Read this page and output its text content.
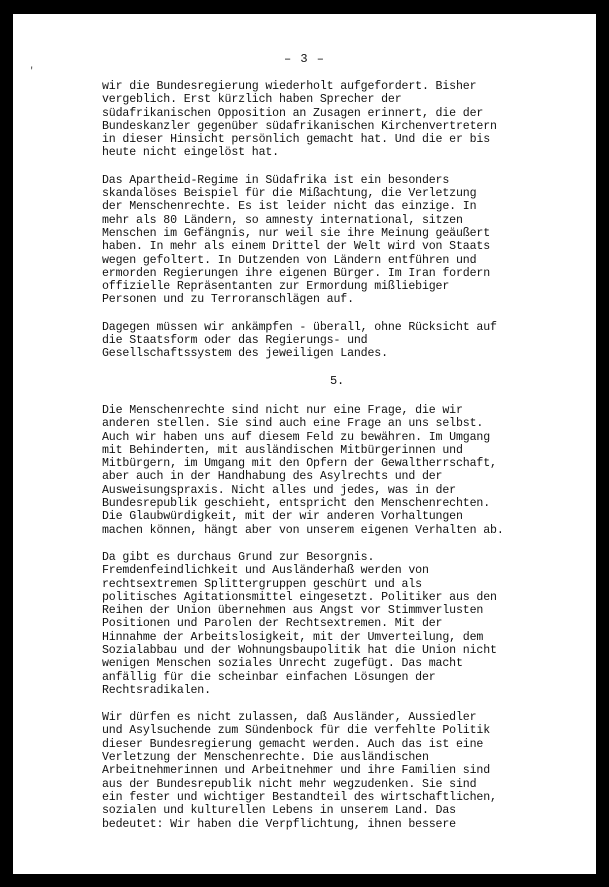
– 3 –
'
wir die Bundesregierung wiederholt aufgefordert. Bisher
vergeblich. Erst kürzlich haben Sprecher der
südafrikanischen Opposition an Zusagen erinnert, die der
Bundeskanzler gegenüber südafrikanischen Kirchenvertretern
in dieser Hinsicht persönlich gemacht hat. Und die er bis
heute nicht eingelöst hat.
Das Apartheid-Regime in Südafrika ist ein besonders
skandalöses Beispiel für die Mißachtung, die Verletzung
der Menschenrechte. Es ist leider nicht das einzige. In
mehr als 80 Ländern, so amnesty international, sitzen
Menschen im Gefängnis, nur weil sie ihre Meinung geäußert
haben. In mehr als einem Drittel der Welt wird von Staats
wegen gefoltert. In Dutzenden von Ländern entführen und
ermorden Regierungen ihre eigenen Bürger. Im Iran fordern
offizielle Repräsentanten zur Ermordung mißliebiger
Personen und zu Terroranschlägen auf.
Dagegen müssen wir ankämpfen - überall, ohne Rücksicht auf
die Staatsform oder das Regierungs- und
Gesellschaftssystem des jeweiligen Landes.
5.
Die Menschenrechte sind nicht nur eine Frage, die wir
anderen stellen. Sie sind auch eine Frage an uns selbst.
Auch wir haben uns auf diesem Feld zu bewähren. Im Umgang
mit Behinderten, mit ausländischen Mitbürgerinnen und
Mitbürgern, im Umgang mit den Opfern der Gewaltherrschaft,
aber auch in der Handhabung des Asylrechts und der
Ausweisungspraxis. Nicht alles und jedes, was in der
Bundesrepublik geschieht, entspricht den Menschenrechten.
Die Glaubwürdigkeit, mit der wir anderen Vorhaltungen
machen können, hängt aber von unserem eigenen Verhalten ab.
Da gibt es durchaus Grund zur Besorgnis.
Fremdenfeindlichkeit und Ausländerhaß werden von
rechtsextremen Splittergruppen geschürt und als
politisches Agitationsmittel eingesetzt. Politiker aus den
Reihen der Union übernehmen aus Angst vor Stimmverlusten
Positionen und Parolen der Rechtsextremen. Mit der
Hinnahme der Arbeitslosigkeit, mit der Umverteilung, dem
Sozialabbau und der Wohnungsbaupolitik hat die Union nicht
wenigen Menschen soziales Unrecht zugefügt. Das macht
anfällig für die scheinbar einfachen Lösungen der
Rechtsradikalen.
Wir dürfen es nicht zulassen, daß Ausländer, Aussiedler
und Asylsuchende zum Sündenbock für die verfehlte Politik
dieser Bundesregierung gemacht werden. Auch das ist eine
Verletzung der Menschenrechte. Die ausländischen
Arbeitnehmerinnen und Arbeitnehmer und ihre Familien sind
aus der Bundesrepublik nicht mehr wegzudenken. Sie sind
ein fester und wichtiger Bestandteil des wirtschaftlichen,
sozialen und kulturellen Lebens in unserem Land. Das
bedeutet: Wir haben die Verpflichtung, ihnen bessere
